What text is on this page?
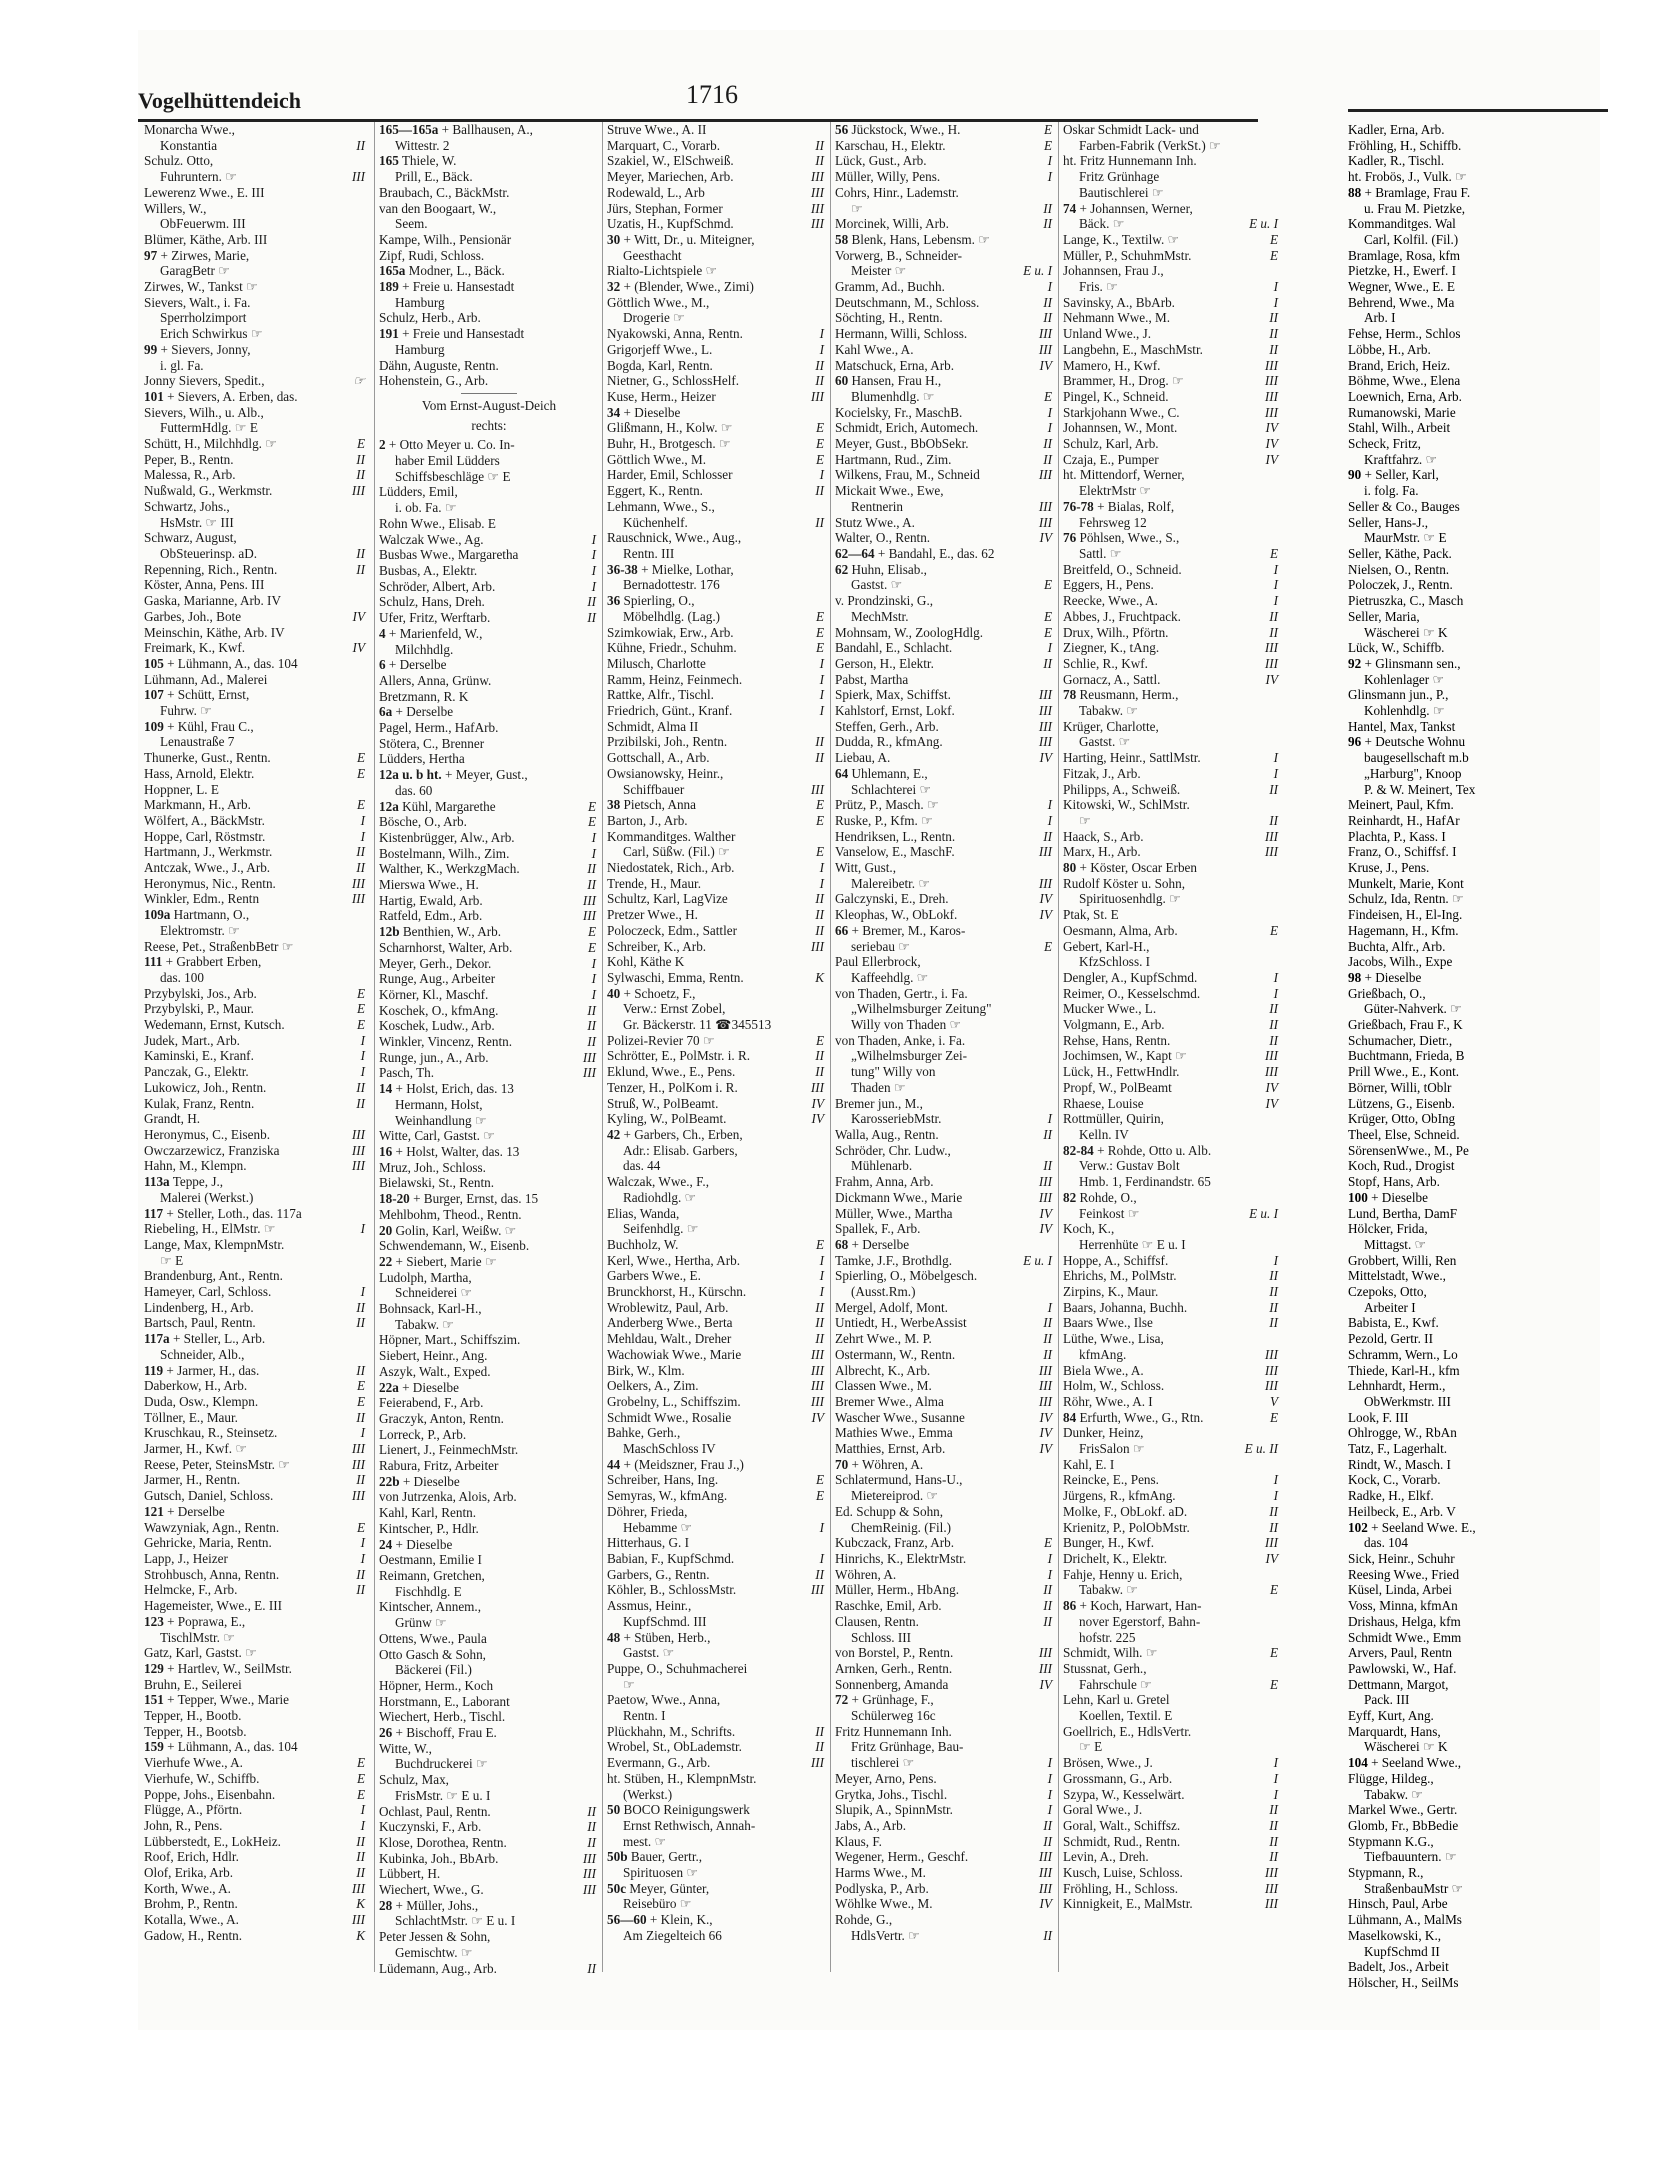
Vogelhüttendeich	1716
Monarcha Wwe.,
Konstantia	II
Schulz. Otto,
Fuhruntern. ☞	III
Lewerenz Wwe., E. III
Willers, W.,
ObFeuerwm. III
Blümer, Käthe, Arb. III
97 + Zirwes, Marie,
GaragBetr ☞
Zirwes, W., Tankst ☞
Sievers, Walt., i. Fa.
Sperrholzimport
Erich Schwirkus ☞
99 + Sievers, Jonny,
i. gl. Fa.
Jonny Sievers, Spedit.,	☞
101 + Sievers, A. Erben, das.
Sievers, Wilh., u. Alb.,
FuttermHdlg. ☞ E
Schütt, H., Milchhdlg. ☞	E
Peper, B., Rentn.	II
Malessa, R., Arb.	II
Nußwald, G., Werkmstr.	III
Schwartz, Johs.,
HsMstr. ☞ III
Schwarz, August,
ObSteuerinsp. aD.	II
Repenning, Rich., Rentn.	II
Köster, Anna, Pens. III
Gaska, Marianne, Arb. IV
Garbes, Joh., Bote	IV
Meinschin, Käthe, Arb. IV
Freimark, K., Kwf.	IV
105 + Lühmann, A., das. 104
Lühmann, Ad., Malerei
107 + Schütt, Ernst,
Fuhrw. ☞
109 + Kühl, Frau C.,
Lenaustraße 7
Thunerke, Gust., Rentn.	E
Hass, Arnold, Elektr.	E
Hoppner, L. E
Markmann, H., Arb.	E
Wölfert, A., BäckMstr.	I
Hoppe, Carl, Röstmstr.	I
Hartmann, J., Werkmstr.	II
Antczak, Wwe., J., Arb.	II
Heronymus, Nic., Rentn.	III
Winkler, Edm., Rentn	III
109a Hartmann, O.,
Elektromstr. ☞
Reese, Pet., StraßenbBetr ☞
111 + Grabbert Erben,
das. 100
Przybylski, Jos., Arb.	E
Przybylski, P., Maur.	E
Wedemann, Ernst, Kutsch.	E
Judek, Mart., Arb.	I
Kaminski, E., Kranf.	I
Panczak, G., Elektr.	I
Lukowicz, Joh., Rentn.	II
Kulak, Franz, Rentn.	II
Grandt, H.
Heronymus, C., Eisenb.	III
Owczarzewicz, Franziska	III
Hahn, M., Klempn.	III
113a Teppe, J.,
Malerei (Werkst.)
117 + Steller, Loth., das. 117a
Riebeling, H., ElMstr. ☞	I
Lange, Max, KlempnMstr.
☞ E
Brandenburg, Ant., Rentn.
Hameyer, Carl, Schloss.	I
Lindenberg, H., Arb.	II
Bartsch, Paul, Rentn.	II
117a + Steller, L., Arb.
Schneider, Alb.,
119 + Jarmer, H., das.	II
Daberkow, H., Arb.	E
Duda, Osw., Klempn.	E
Töllner, E., Maur.	II
Kruschkau, R., Steinsetz.	I
Jarmer, H., Kwf. ☞	III
Reese, Peter, SteinsMstr. ☞	III
Jarmer, H., Rentn.	II
Gutsch, Daniel, Schloss.	III
121 + Derselbe
Wawzyniak, Agn., Rentn.	E
Gehricke, Maria, Rentn.	I
Lapp, J., Heizer	I
Strohbusch, Anna, Rentn.	II
Helmcke, F., Arb.	II
Hagemeister, Wwe., E. III
123 + Poprawa, E.,
TischlMstr. ☞
Gatz, Karl, Gastst. ☞
129 + Hartlev, W., SeilMstr.
Bruhn, E., Seilerei
151 + Tepper, Wwe., Marie
Tepper, H., Bootb.
Tepper, H., Bootsb.
159 + Lühmann, A., das. 104
Vierhufe Wwe., A.	E
Vierhufe, W., Schiffb.	E
Poppe, Johs., Eisenbahn.	E
Flügge, A., Pförtn.	I
John, R., Pens.	I
Lübberstedt, E., LokHeiz.	II
Roof, Erich, Hdlr.	II
Olof, Erika, Arb.	II
Korth, Wwe., A.	III
Brohm, P., Rentn.	K
Kotalla, Wwe., A.	III
Gadow, H., Rentn.	K
165—165a + Ballhausen, A.,
Wittestr. 2
165 Thiele, W.
Prill, E., Bäck.
Braubach, C., BäckMstr.
van den Boogaart, W.,
Seem.
Kampe, Wilh., Pensionär
Zipf, Rudi, Schloss.
165a Modner, L., Bäck.
189 + Freie u. Hansestadt
Hamburg
Schulz, Herb., Arb.
191 + Freie und Hansestadt
Hamburg
Dähn, Auguste, Rentn.
Hohenstein, G., Arb.
Vom Ernst-August-Deich
rechts:
2 + Otto Meyer u. Co. In-
haber Emil Lüdders
Schiffsbeschläge ☞ E
Lüdders, Emil,
i. ob. Fa. ☞
Rohn Wwe., Elisab. E
Walczak Wwe., Ag.	I
Busbas Wwe., Margaretha	I
Busbas, A., Elektr.	I
Schröder, Albert, Arb.	I
Schulz, Hans, Dreh.	II
Ufer, Fritz, Werftarb.	II
4 + Marienfeld, W.,
Milchhdlg.
6 + Derselbe
Allers, Anna, Grünw.
Bretzmann, R. K
6a + Derselbe
Pagel, Herm., HafArb.
Stötera, C., Brenner
Lüdders, Hertha
12a u. b ht. + Meyer, Gust.,
das. 60
12a Kühl, Margarethe	E
Bösche, O., Arb.	E
Kistenbrügger, Alw., Arb.	I
Bostelmann, Wilh., Zim.	I
Walther, K., WerkzgMach.	II
Mierswa Wwe., H.	II
Hartig, Ewald, Arb.	III
Ratfeld, Edm., Arb.	III
12b Benthien, W., Arb.	E
Scharnhorst, Walter, Arb.	E
Meyer, Gerh., Dekor.	I
Runge, Aug., Arbeiter	I
Körner, Kl., Maschf.	I
Koschek, O., kfmAng.	II
Koschek, Ludw., Arb.	II
Winkler, Vincenz, Rentn.	II
Runge, jun., A., Arb.	III
Pasch, Th.	III
14 + Holst, Erich, das. 13
Hermann, Holst,
Weinhandlung ☞
Witte, Carl, Gastst. ☞
16 + Holst, Walter, das. 13
Mruz, Joh., Schloss.
Bielawski, St., Rentn.
18-20 + Burger, Ernst, das. 15
Mehlbohm, Theod., Rentn.
20 Golin, Karl, Weißw. ☞
Schwendemann, W., Eisenb.
22 + Siebert, Marie ☞
Ludolph, Martha,
Schneiderei ☞
Bohnsack, Karl-H.,
Tabakw. ☞
Höpner, Mart., Schiffszim.
Siebert, Heinr., Ang.
Aszyk, Walt., Exped.
22a + Dieselbe
Feierabend, F., Arb.
Graczyk, Anton, Rentn.
Lorreck, P., Arb.
Lienert, J., FeinmechMstr.
Rabura, Fritz, Arbeiter
22b + Dieselbe
von Jutrzenka, Alois, Arb.
Kahl, Karl, Rentn.
Kintscher, P., Hdlr.
24 + Dieselbe
Oestmann, Emilie I
Reimann, Gretchen,
Fischhdlg. E
Kintscher, Annem.,
Grünw ☞
Ottens, Wwe., Paula
Otto Gasch & Sohn,
Bäckerei (Fil.)
Höpner, Herm., Koch
Horstmann, E., Laborant
Wiechert, Herb., Tischl.
26 + Bischoff, Frau E.
Witte, W.,
Buchdruckerei ☞
Schulz, Max,
FrisMstr. ☞ E u. I
Ochlast, Paul, Rentn.	II
Kuczynski, F., Arb.	II
Klose, Dorothea, Rentn.	II
Kubinka, Joh., BbArb.	III
Lübbert, H.	III
Wiechert, Wwe., G.	III
28 + Müller, Johs.,
SchlachtMstr. ☞ E u. I
Peter Jessen & Sohn,
Gemischtw. ☞
Lüdemann, Aug., Arb.	II
Struve Wwe., A. II
Marquart, C., Vorarb.	II
Szakiel, W., ElSchweiß.	II
Meyer, Mariechen, Arb.	III
Rodewald, L., Arb	III
Jürs, Stephan, Former	III
Uzatis, H., KupfSchmd.	III
30 + Witt, Dr., u. Miteigner,
Geesthacht
Rialto-Lichtspiele ☞
32 + (Blender, Wwe., Zimi)
Göttlich Wwe., M.,
Drogerie ☞
Nyakowski, Anna, Rentn.	I
Grigorjeff Wwe., L.	I
Bogda, Karl, Rentn.	II
Nietner, G., SchlossHelf.	II
Kuse, Herm., Heizer	III
34 + Dieselbe
Glißmann, H., Kolw. ☞	E
Buhr, H., Brotgesch. ☞	E
Göttlich Wwe., M.	E
Harder, Emil, Schlosser	I
Eggert, K., Rentn.	II
Lehmann, Wwe., S.,
Küchenhelf.	II
Rauschnick, Wwe., Aug.,
Rentn. III
36-38 + Mielke, Lothar,
Bernadottestr. 176
36 Spierling, O.,
Möbelhdlg. (Lag.)	E
Szimkowiak, Erw., Arb.	E
Kühne, Friedr., Schuhm.	E
Milusch, Charlotte	I
Ramm, Heinz, Feinmech.	I
Rattke, Alfr., Tischl.	I
Friedrich, Günt., Kranf.	I
Schmidt, Alma II
Przibilski, Joh., Rentn.	II
Gottschall, A., Arb.	II
Owsianowsky, Heinr.,
Schiffbauer	III
38 Pietsch, Anna	E
Barton, J., Arb.	E
Kommanditges. Walther
Carl, Süßw. (Fil.) ☞	E
Niedostatek, Rich., Arb.	I
Trende, H., Maur.	I
Schultz, Karl, LagVize	II
Pretzer Wwe., H.	II
Poloczeck, Edm., Sattler	II
Schreiber, K., Arb.	III
Kohl, Käthe K
Sylwaschi, Emma, Rentn.	K
40 + Schoetz, F.,
Verw.: Ernst Zobel,
Gr. Bäckerstr. 11 ☎345513
Polizei-Revier 70 ☞	E
Schrötter, E., PolMstr. i. R.	II
Eklund, Wwe., E., Pens.	II
Tenzer, H., PolKom i. R.	III
Struß, W., PolBeamt.	IV
Kyling, W., PolBeamt.	IV
42 + Garbers, Ch., Erben,
Adr.: Elisab. Garbers,
das. 44
Walczak, Wwe., F.,
Radiohdlg. ☞
Elias, Wanda,
Seifenhdlg. ☞
Buchholz, W.	E
Kerl, Wwe., Hertha, Arb.	I
Garbers Wwe., E.	I
Brunckhorst, H., Kürschn.	I
Wroblewitz, Paul, Arb.	II
Anderberg Wwe., Berta	II
Mehldau, Walt., Dreher	II
Wachowiak Wwe., Marie	III
Birk, W., Klm.	III
Oelkers, A., Zim.	III
Grobelny, L., Schiffszim.	III
Schmidt Wwe., Rosalie	IV
Bahke, Gerh.,
MaschSchloss IV
44 + (Meidszner, Frau J.,)
Schreiber, Hans, Ing.	E
Semyras, W., kfmAng.	E
Döhrer, Frieda,
Hebamme ☞	I
Hitterhaus, G. I
Babian, F., KupfSchmd.	I
Garbers, G., Rentn.	II
Köhler, B., SchlossMstr.	III
Assmus, Heinr.,
KupfSchmd. III
48 + Stüben, Herb.,
Gastst. ☞
Puppe, O., Schuhmacherei
☞
Paetow, Wwe., Anna,
Rentn. I
Plückhahn, M., Schrifts.	II
Wrobel, St., ObLademstr.	II
Evermann, G., Arb.	III
ht. Stüben, H., KlempnMstr.
(Werkst.)
50 BOCO Reinigungswerk
Ernst Rethwisch, Annah-
mest. ☞
50b Bauer, Gertr.,
Spirituosen ☞
50c Meyer, Günter,
Reisebüro ☞
56—60 + Klein, K.,
Am Ziegelteich 66
56 Jückstock, Wwe., H.	E
Karschau, H., Elektr.	E
Lück, Gust., Arb.	I
Müller, Willy, Pens.	I
Cohrs, Hinr., Lademstr.
☞	II
Morcinek, Willi, Arb.	II
58 Blenk, Hans, Lebensm. ☞
Vorwerg, B., Schneider-
Meister ☞	E u. I
Gramm, Ad., Buchh.	I
Deutschmann, M., Schloss.	II
Söchting, H., Rentn.	II
Hermann, Willi, Schloss.	III
Kahl Wwe., A.	III
Matschuck, Erna, Arb.	IV
60 Hansen, Frau H.,
Blumenhdlg. ☞	E
Kocielsky, Fr., MaschB.	I
Schmidt, Erich, Automech.	I
Meyer, Gust., BbObSekr.	II
Hartmann, Rud., Zim.	II
Wilkens, Frau, M., Schneid	III
Mickait Wwe., Ewe,
Rentnerin	III
Stutz Wwe., A.	III
Walter, O., Rentn.	IV
62—64 + Bandahl, E., das. 62
62 Huhn, Elisab.,
Gastst. ☞	E
v. Prondzinski, G.,
MechMstr.	E
Mohnsam, W., ZoologHdlg.	E
Bandahl, E., Schlacht.	I
Gerson, H., Elektr.	II
Pabst, Martha
Spierk, Max, Schiffst.	III
Kahlstorf, Ernst, Lokf.	III
Steffen, Gerh., Arb.	III
Dudda, R., kfmAng.	III
Liebau, A.	IV
64 Uhlemann, E.,
Schlachterei ☞
Prütz, P., Masch. ☞	I
Ruske, P., Kfm. ☞	I
Hendriksen, L., Rentn.	II
Vanselow, E., MaschF.	III
Witt, Gust.,
Malereibetr. ☞	III
Galczynski, E., Dreh.	IV
Kleophas, W., ObLokf.	IV
66 + Bremer, M., Karos-
seriebau ☞	E
Paul Ellerbrock,
Kaffeehdlg. ☞
von Thaden, Gertr., i. Fa.
„Wilhelmsburger Zeitung"
Willy von Thaden ☞
von Thaden, Anke, i. Fa.
„Wilhelmsburger Zei-
tung" Willy von
Thaden ☞
Bremer jun., M.,
KarosseriebMstr.	I
Walla, Aug., Rentn.	II
Schröder, Chr. Ludw.,
Mühlenarb.	II
Frahm, Anna, Arb.	III
Dickmann Wwe., Marie	III
Müller, Wwe., Martha	IV
Spallek, F., Arb.	IV
68 + Derselbe
Tamke, J.F., Brothdlg.	E u. I
Spierling, O., Möbelgesch.
(Ausst.Rm.)
Mergel, Adolf, Mont.	I
Untiedt, H., WerbeAssist	II
Zehrt Wwe., M. P.	II
Ostermann, W., Rentn.	II
Albrecht, K., Arb.	III
Classen Wwe., M.	III
Bremer Wwe., Alma	III
Wascher Wwe., Susanne	IV
Mathies Wwe., Emma	IV
Matthies, Ernst, Arb.	IV
70 + Wöhren, A.
Schlatermund, Hans-U.,
Mietereiprod. ☞
Ed. Schupp & Sohn,
ChemReinig. (Fil.)
Kubczack, Franz, Arb.	E
Hinrichs, K., ElektrMstr.	I
Wöhren, A.	I
Müller, Herm., HbAng.	II
Raschke, Emil, Arb.	II
Clausen, Rentn.	II
Schloss. III
von Borstel, P., Rentn.	III
Arnken, Gerh., Rentn.	III
Sonnenberg, Amanda	IV
72 + Grünhage, F.,
Schülerweg 16c
Fritz Hunnemann Inh.
Fritz Grünhage, Bau-
tischlerei ☞	I
Meyer, Arno, Pens.	I
Grytka, Johs., Tischl.	I
Slupik, A., SpinnMstr.	I
Jabs, A., Arb.	II
Klaus, F.	II
Wegener, Herm., Geschf.	III
Harms Wwe., M.	III
Podlyska, P., Arb.	III
Wöhlke Wwe., M.	IV
Rohde, G.,
HdlsVertr. ☞	II
Oskar Schmidt Lack- und
Farben-Fabrik (VerkSt.) ☞
ht. Fritz Hunnemann Inh.
Fritz Grünhage
Bautischlerei ☞
74 + Johannsen, Werner,
Bäck. ☞	E u. I
Lange, K., Textilw. ☞	E
Müller, P., SchuhmMstr.	E
Johannsen, Frau J.,
Fris. ☞	I
Savinsky, A., BbArb.	I
Nehmann Wwe., M.	II
Unland Wwe., J.	II
Langbehn, E., MaschMstr.	II
Mamero, H., Kwf.	III
Brammer, H., Drog. ☞	III
Pingel, K., Schneid.	III
Starkjohann Wwe., C.	III
Johannsen, W., Mont.	IV
Schulz, Karl, Arb.	IV
Czaja, E., Pumper	IV
ht. Mittendorf, Werner,
ElektrMstr ☞
76-78 + Bialas, Rolf,
Fehrsweg 12
76 Pöhlsen, Wwe., S.,
Sattl. ☞	E
Breitfeld, O., Schneid.	I
Eggers, H., Pens.	I
Reecke, Wwe., A.	I
Abbes, J., Fruchtpack.	II
Drux, Wilh., Pförtn.	II
Ziegner, K., tAng.	III
Schlie, R., Kwf.	III
Gornacz, A., Sattl.	IV
78 Reusmann, Herm.,
Tabakw. ☞
Krüger, Charlotte,
Gastst. ☞
Harting, Heinr., SattlMstr.	I
Fitzak, J., Arb.	I
Philipps, A., Schweiß.	II
Kitowski, W., SchlMstr.
☞	II
Haack, S., Arb.	III
Marx, H., Arb.	III
80 + Köster, Oscar Erben
Rudolf Köster u. Sohn,
Spirituosenhdlg. ☞
Ptak, St. E
Oesmann, Alma, Arb.	E
Gebert, Karl-H.,
KfzSchloss. I
Dengler, A., KupfSchmd.	I
Reimer, O., Kesselschmd.	I
Mucker Wwe., L.	II
Volgmann, E., Arb.	II
Rehse, Hans, Rentn.	II
Jochimsen, W., Kapt ☞	III
Lück, H., FettwHndlr.	III
Propf, W., PolBeamt	IV
Rhaese, Louise	IV
Rottmüller, Quirin,
Kelln. IV
82-84 + Rohde, Otto u. Alb.
Verw.: Gustav Bolt
Hmb. 1, Ferdinandstr. 65
82 Rohde, O.,
Feinkost ☞	E u. I
Koch, K.,
Herrenhüte ☞ E u. I
Hoppe, A., Schiffsf.	I
Ehrichs, M., PolMstr.	II
Zirpins, K., Maur.	II
Baars, Johanna, Buchh.	II
Baars Wwe., Ilse	II
Lüthe, Wwe., Lisa,
kfmAng.	III
Biela Wwe., A.	III
Holm, W., Schloss.	III
Röhr, Wwe., A. I	V
84 Erfurth, Wwe., G., Rtn.	E
Dunker, Heinz,
FrisSalon ☞	E u. II
Kahl, E. I
Reincke, E., Pens.	I
Jürgens, R., kfmAng.	I
Molke, F., ObLokf. aD.	II
Krienitz, P., PolObMstr.	II
Bunger, H., Kwf.	III
Drichelt, K., Elektr.	IV
Fahje, Henny u. Erich,
Tabakw. ☞	E
86 + Koch, Harwart, Han-
nover Egerstorf, Bahn-
hofstr. 225
Schmidt, Wilh. ☞	E
Stussnat, Gerh.,
Fahrschule ☞	E
Lehn, Karl u. Gretel
Koellen, Textil. E
Goellrich, E., HdlsVertr.
☞ E
Brösen, Wwe., J.	I
Grossmann, G., Arb.	I
Szypa, W., Kesselwärt.	I
Goral Wwe., J.	II
Goral, Walt., Schiffsz.	II
Schmidt, Rud., Rentn.	II
Levin, A., Dreh.	II
Kusch, Luise, Schloss.	III
Fröhling, H., Schloss.	III
Kinnigkeit, E., MalMstr.	III
Kadler, Erna, Arb.
Fröhling, H., Schiffb.
Kadler, R., Tischl.
ht. Frobös, J., Vulk. ☞
88 + Bramlage, Frau F.
u. Frau M. Pietzke,
Kommanditges. Wal
Carl, Kolfil. (Fil.)
Bramlage, Rosa, kfm
Pietzke, H., Ewerf. I
Wegner, Wwe., E. E
Behrend, Wwe., Ma
Arb. I
Fehse, Herm., Schlos
Löbbe, H., Arb.
Brand, Erich, Heiz.
Böhme, Wwe., Elena
Loewnich, Erna, Arb.
Rumanowski, Marie
Stahl, Wilh., Arbeit
Scheck, Fritz,
Kraftfahrz. ☞
90 + Seller, Karl,
i. folg. Fa.
Seller & Co., Bauges
Seller, Hans-J.,
MaurMstr. ☞ E
Seller, Käthe, Pack.
Nielsen, O., Rentn.
Poloczek, J., Rentn.
Pietruszka, C., Masch
Seller, Maria,
Wäscherei ☞ K
Lück, W., Schiffb.
92 + Glinsmann sen.,
Kohlenlager ☞
Glinsmann jun., P.,
Kohlenhdlg. ☞
Hantel, Max, Tankst
96 + Deutsche Wohnu
baugesellschaft m.b
„Harburg", Knoop
P. & W. Meinert, Tex
Meinert, Paul, Kfm.
Reinhardt, H., HafAr
Plachta, P., Kass. I
Franz, O., Schiffsf. I
Kruse, J., Pens.
Munkelt, Marie, Kont
Schulz, Ida, Rentn. ☞
Findeisen, H., El-Ing.
Hagemann, H., Kfm.
Buchta, Alfr., Arb.
Jacobs, Wilh., Expe
98 + Dieselbe
Grießbach, O.,
Güter-Nahverk. ☞
Grießbach, Frau F., K
Schumacher, Dietr.,
Buchtmann, Frieda, B
Prill Wwe., E., Kont.
Börner, Willi, tOblr
Lützens, G., Eisenb.
Krüger, Otto, ObIng
Theel, Else, Schneid.
SörensenWwe., M., Pe
Koch, Rud., Drogist
Stopf, Hans, Arb.
100 + Dieselbe
Lund, Bertha, DamF
Hölcker, Frida,
Mittagst. ☞
Grobbert, Willi, Ren
Mittelstadt, Wwe.,
Czepoks, Otto,
Arbeiter I
Babista, E., Kwf.
Pezold, Gertr. II
Schramm, Wern., Lo
Thiede, Karl-H., kfm
Lehnhardt, Herm.,
ObWerkmstr. III
Look, F. III
Ohlrogge, W., RbAn
Tatz, F., Lagerhalt.
Rindt, W., Masch. I
Kock, C., Vorarb.
Radke, H., Elkf.
Heilbeck, E., Arb. V
102 + Seeland Wwe. E.,
das. 104
Sick, Heinr., Schuhr
Reesing Wwe., Fried
Küsel, Linda, Arbei
Voss, Minna, kfmAn
Drishaus, Helga, kfm
Schmidt Wwe., Emm
Arvers, Paul, Rentn
Pawlowski, W., Haf.
Dettmann, Margot,
Pack. III
Eyff, Kurt, Ang.
Marquardt, Hans,
Wäscherei ☞ K
104 + Seeland Wwe.,
Flügge, Hildeg.,
Tabakw. ☞
Markel Wwe., Gertr.
Glomb, Fr., BbBedie
Stypmann K.G.,
Tiefbauuntern. ☞
Stypmann, R.,
StraßenbauMstr ☞
Hinsch, Paul, Arbe
Lühmann, A., MalMs
Maselkowski, K.,
KupfSchmd II
Badelt, Jos., Arbeit
Hölscher, H., SeilMs
